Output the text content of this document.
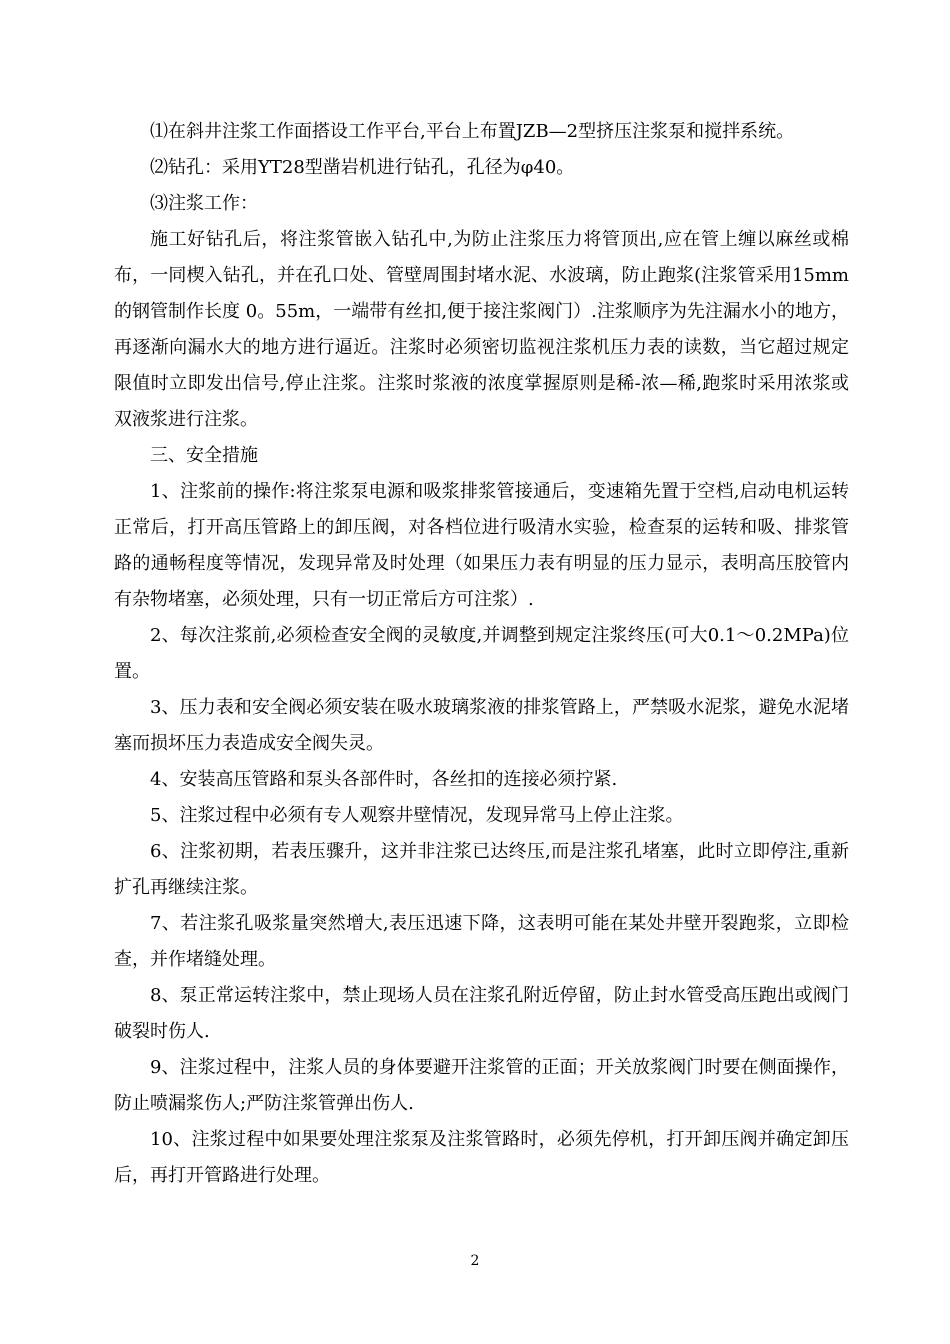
⑴在斜井注浆工作面搭设工作平台,平台上布置JZB—2型挤压注浆泵和搅拌系统。

⑵钻孔：采用YT28型凿岩机进行钻孔，孔径为φ40。

⑶注浆工作：

施工好钻孔后，将注浆管嵌入钻孔中,为防止注浆压力将管顶出,应在管上缠以麻丝或棉布，一同楔入钻孔，并在孔口处、管壁周围封堵水泥、水波璃，防止跑浆(注浆管采用15mm 的钢管制作长度 0。55m，一端带有丝扣,便于接注浆阀门）.注浆顺序为先注漏水小的地方，再逐渐向漏水大的地方进行逼近。注浆时必须密切监视注浆机压力表的读数，当它超过规定限值时立即发出信号,停止注浆。注浆时浆液的浓度掌握原则是稀-浓—稀,跑浆时采用浓浆或双液浆进行注浆。

三、安全措施

1、注浆前的操作:将注浆泵电源和吸浆排浆管接通后，变速箱先置于空档,启动电机运转正常后，打开高压管路上的卸压阀，对各档位进行吸清水实验，检查泵的运转和吸、排浆管路的通畅程度等情况，发现异常及时处理（如果压力表有明显的压力显示，表明高压胶管内有杂物堵塞，必须处理，只有一切正常后方可注浆）.

2、每次注浆前,必须检查安全阀的灵敏度,并调整到规定注浆终压(可大0.1～0.2MPa)位置。

3、压力表和安全阀必须安装在吸水玻璃浆液的排浆管路上，严禁吸水泥浆，避免水泥堵塞而损坏压力表造成安全阀失灵。

4、安装高压管路和泵头各部件时，各丝扣的连接必须拧紧.

5、注浆过程中必须有专人观察井壁情况，发现异常马上停止注浆。

6、注浆初期，若表压骤升，这并非注浆已达终压,而是注浆孔堵塞，此时立即停注,重新扩孔再继续注浆。

7、若注浆孔吸浆量突然增大,表压迅速下降，这表明可能在某处井壁开裂跑浆，立即检查，并作堵缝处理。

8、泵正常运转注浆中，禁止现场人员在注浆孔附近停留，防止封水管受高压跑出或阀门破裂时伤人.

9、注浆过程中，注浆人员的身体要避开注浆管的正面；开关放浆阀门时要在侧面操作，防止喷漏浆伤人;严防注浆管弹出伤人.

10、注浆过程中如果要处理注浆泵及注浆管路时，必须先停机，打开卸压阀并确定卸压后，再打开管路进行处理。

2
